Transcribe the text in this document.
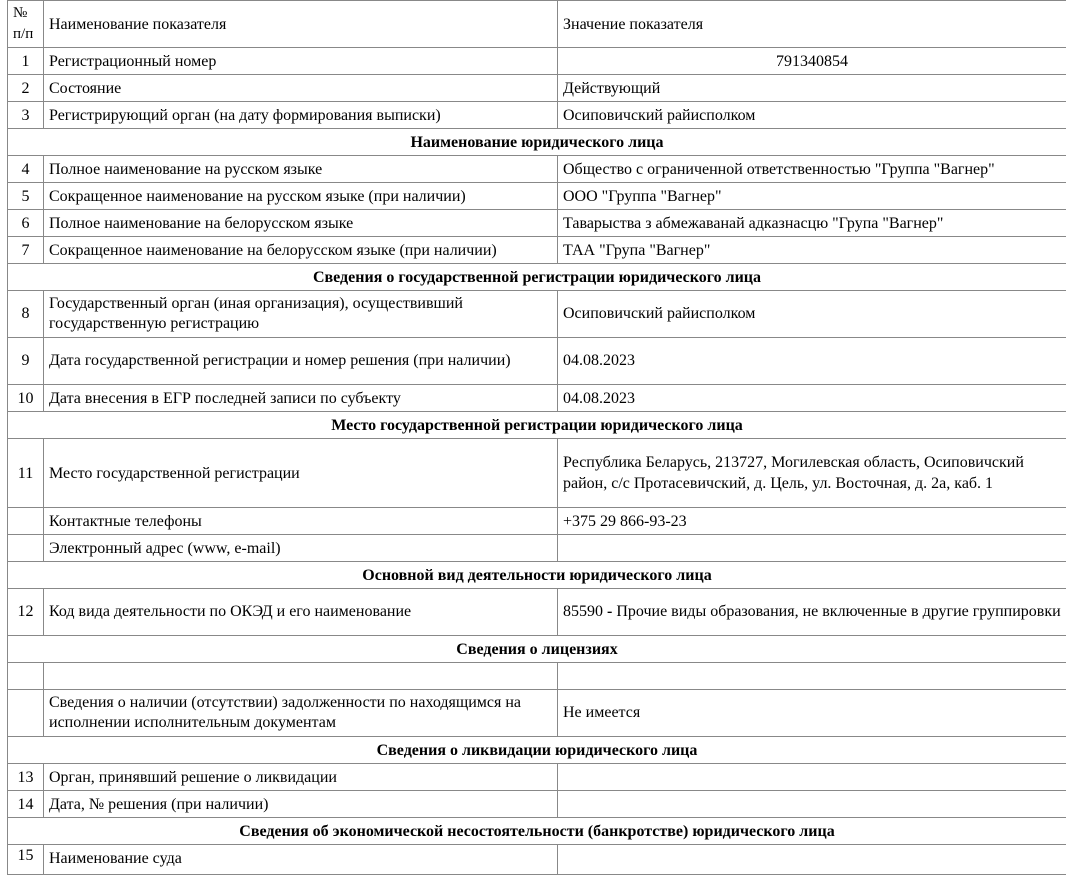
№ п/п	Наименование показателя	Значение показателя
1	Регистрационный номер	791340854
2	Состояние	Действующий
3	Регистрирующий орган (на дату формирования выписки)	Осиповичский райисполком
Наименование юридического лица		
4	Полное наименование на русском языке	Общество с ограниченной ответственностью "Группа "Вагнер"
5	Сокращенное наименование на русском языке (при наличии)	ООО "Группа "Вагнер"
6	Полное наименование на белорусском языке	Таварыства з абмежаванай адказнасцю "Група "Вагнер"
7	Сокращенное наименование на белорусском языке (при наличии)	ТАА "Група "Вагнер"
Сведения о государственной регистрации юридического лица		
8	Государственный орган (иная организация), осуществивший государственную регистрацию	Осиповичский райисполком
9	Дата государственной регистрации и номер решения (при наличии)	04.08.2023
10	Дата внесения в ЕГР последней записи по субъекту	04.08.2023
Место государственной регистрации юридического лица		
11	Место государственной регистрации	Республика Беларусь, 213727, Могилевская область, Осиповичский район, с/с Протасевичский, д. Цель, ул. Восточная, д. 2а, каб. 1
	Контактные телефоны	+375 29 866-93-23
	Электронный адрес (www, e-mail)	
Основной вид деятельности юридического лица		
12	Код вида деятельности по ОКЭД и его наименование	85590 - Прочие виды образования, не включенные в другие группировки
Сведения о лицензиях		

	Сведения о наличии (отсутствии) задолженности по находящимся на исполнении исполнительным документам	Не имеется
Сведения о ликвидации юридического лица		
13	Орган, принявший решение о ликвидации	
14	Дата, № решения (при наличии)	
Сведения об экономической несостоятельности (банкротстве) юридического лица		
15	Наименование суда	
